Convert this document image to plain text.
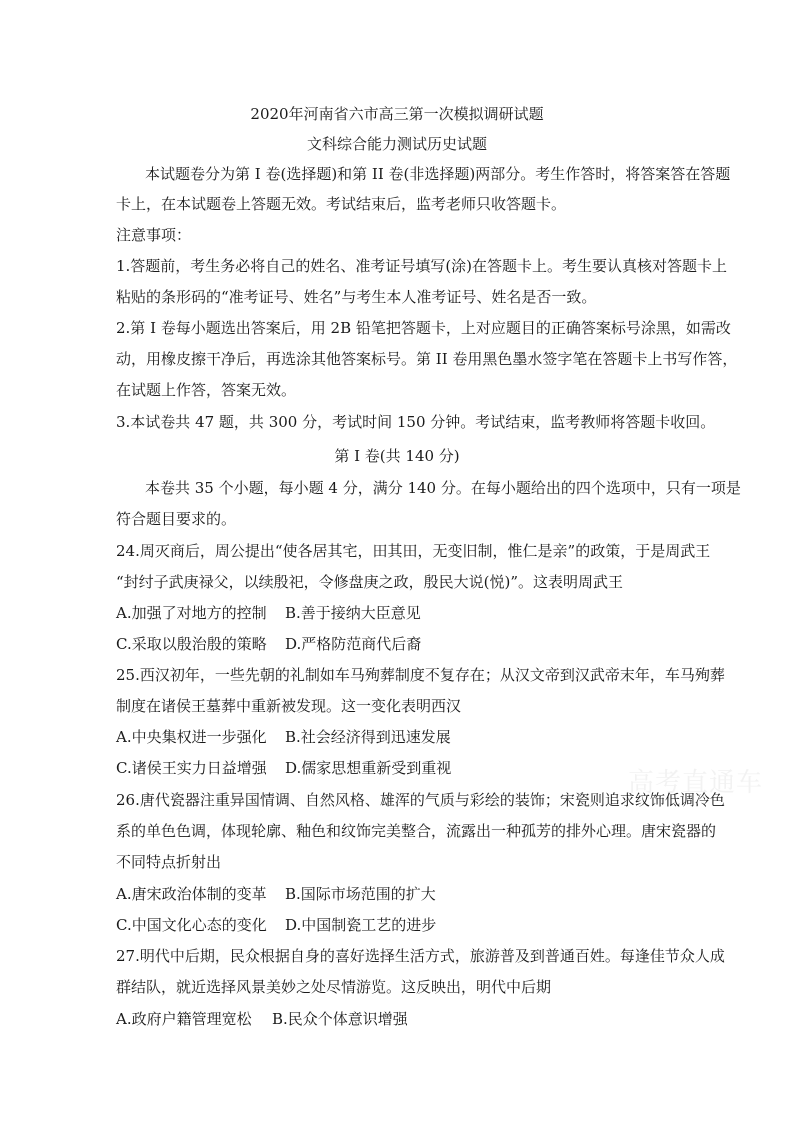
2020年河南省六市高三第一次模拟调研试题
文科综合能力测试历史试题
本试题卷分为第 I 卷(选择题)和第 II 卷(非选择题)两部分。考生作答时，将答案答在答题
卡上，在本试题卷上答题无效。考试结束后，监考老师只收答题卡。
注意事项：
1.答题前，考生务必将自己的姓名、准考证号填写(涂)在答题卡上。考生要认真核对答题卡上
粘贴的条形码的“准考证号、姓名”与考生本人准考证号、姓名是否一致。
2.第 I 卷每小题选出答案后，用 2B 铅笔把答题卡，上对应题目的正确答案标号涂黑，如需改
动，用橡皮擦干净后，再选涂其他答案标号。第 II 卷用黑色墨水签字笔在答题卡上书写作答，
在试题上作答，答案无效。
3.本试卷共 47 题，共 300 分，考试时间 150 分钟。考试结束，监考教师将答题卡收回。
第 I 卷(共 140 分)
本卷共 35 个小题，每小题 4 分，满分 140 分。在每小题给出的四个选项中，只有一项是
符合题目要求的。
24.周灭商后，周公提出“使各居其宅，田其田，无变旧制，惟仁是亲”的政策，于是周武王
“封纣子武庚禄父，以续殷祀，令修盘庚之政，殷民大说(悦)”。这表明周武王
A.加强了对地方的控制 B.善于接纳大臣意见
C.采取以殷治殷的策略 D.严格防范商代后裔
25.西汉初年，一些先朝的礼制如车马殉葬制度不复存在；从汉文帝到汉武帝末年，车马殉葬
制度在诸侯王墓葬中重新被发现。这一变化表明西汉
A.中央集权进一步强化 B.社会经济得到迅速发展
C.诸侯王实力日益增强 D.儒家思想重新受到重视
26.唐代瓷器注重异国情调、自然风格、雄浑的气质与彩绘的装饰；宋瓷则追求纹饰低调冷色
系的单色色调，体现轮廓、釉色和纹饰完美整合，流露出一种孤芳的排外心理。唐宋瓷器的
不同特点折射出
A.唐宋政治体制的变革 B.国际市场范围的扩大
C.中国文化心态的变化 D.中国制瓷工艺的进步
27.明代中后期，民众根据自身的喜好选择生活方式，旅游普及到普通百姓。每逢佳节众人成
群结队，就近选择风景美妙之处尽情游览。这反映出，明代中后期
A.政府户籍管理宽松 B.民众个体意识增强
高考直通车
